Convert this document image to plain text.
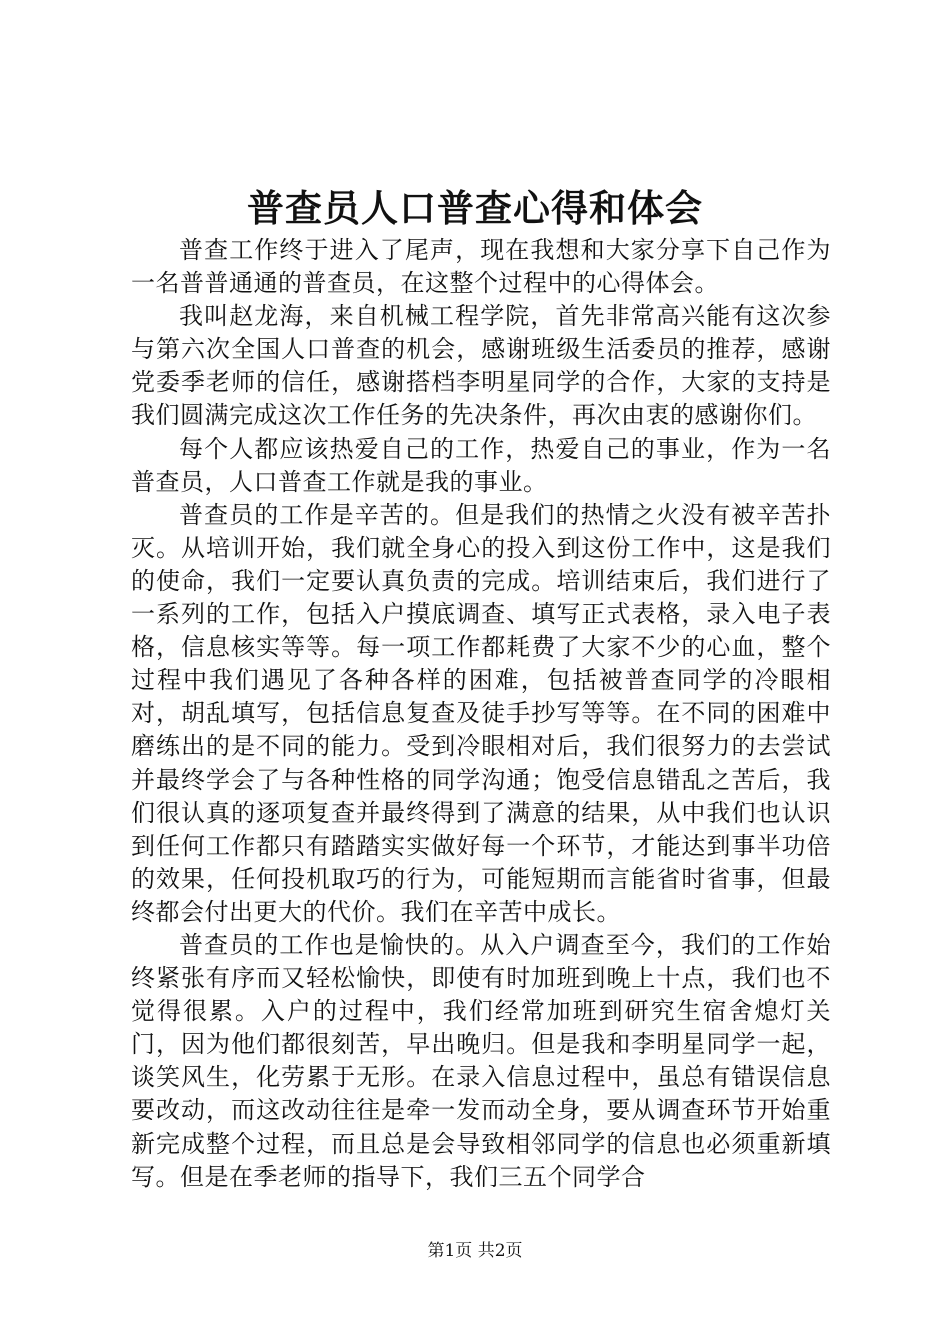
普查员人口普查心得和体会

普查工作终于进入了尾声，现在我想和大家分享下自己作为一名普普通通的普查员，在这整个过程中的心得体会。

我叫赵龙海，来自机械工程学院，首先非常高兴能有这次参与第六次全国人口普查的机会，感谢班级生活委员的推荐，感谢党委季老师的信任，感谢搭档李明星同学的合作，大家的支持是我们圆满完成这次工作任务的先决条件，再次由衷的感谢你们。

每个人都应该热爱自己的工作，热爱自己的事业，作为一名普查员，人口普查工作就是我的事业。

普查员的工作是辛苦的。但是我们的热情之火没有被辛苦扑灭。从培训开始，我们就全身心的投入到这份工作中，这是我们的使命，我们一定要认真负责的完成。培训结束后，我们进行了一系列的工作，包括入户摸底调查、填写正式表格，录入电子表格，信息核实等等。每一项工作都耗费了大家不少的心血，整个过程中我们遇见了各种各样的困难，包括被普查同学的冷眼相对，胡乱填写，包括信息复查及徒手抄写等等。在不同的困难中磨练出的是不同的能力。受到冷眼相对后，我们很努力的去尝试并最终学会了与各种性格的同学沟通；饱受信息错乱之苦后，我们很认真的逐项复查并最终得到了满意的结果，从中我们也认识到任何工作都只有踏踏实实做好每一个环节，才能达到事半功倍的效果，任何投机取巧的行为，可能短期而言能省时省事，但最终都会付出更大的代价。我们在辛苦中成长。

普查员的工作也是愉快的。从入户调查至今，我们的工作始终紧张有序而又轻松愉快，即使有时加班到晚上十点，我们也不觉得很累。入户的过程中，我们经常加班到研究生宿舍熄灯关门，因为他们都很刻苦，早出晚归。但是我和李明星同学一起，谈笑风生，化劳累于无形。在录入信息过程中，虽总有错误信息要改动，而这改动往往是牵一发而动全身，要从调查环节开始重新完成整个过程，而且总是会导致相邻同学的信息也必须重新填写。但是在季老师的指导下，我们三五个同学合

第1页 共2页
